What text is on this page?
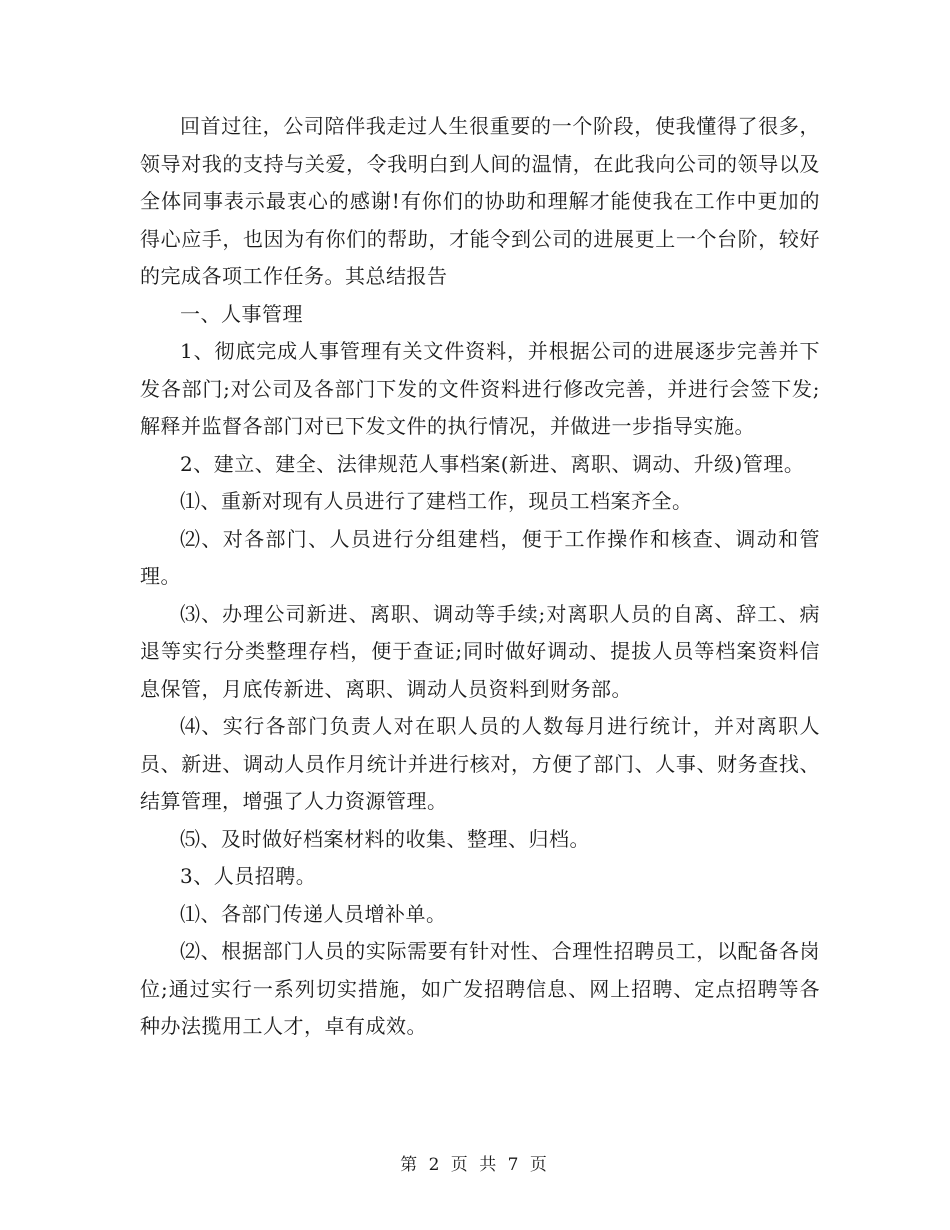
回首过往，公司陪伴我走过人生很重要的一个阶段，使我懂得了很多，领导对我的支持与关爱，令我明白到人间的温情，在此我向公司的领导以及全体同事表示最衷心的感谢!有你们的协助和理解才能使我在工作中更加的得心应手，也因为有你们的帮助，才能令到公司的进展更上一个台阶，较好的完成各项工作任务。其总结报告

一、人事管理

1、彻底完成人事管理有关文件资料，并根据公司的进展逐步完善并下发各部门;对公司及各部门下发的文件资料进行修改完善，并进行会签下发;解释并监督各部门对已下发文件的执行情况，并做进一步指导实施。

2、建立、建全、法律规范人事档案(新进、离职、调动、升级)管理。

⑴、重新对现有人员进行了建档工作，现员工档案齐全。

⑵、对各部门、人员进行分组建档，便于工作操作和核查、调动和管理。

⑶、办理公司新进、离职、调动等手续;对离职人员的自离、辞工、病退等实行分类整理存档，便于查证;同时做好调动、提拔人员等档案资料信息保管，月底传新进、离职、调动人员资料到财务部。

⑷、实行各部门负责人对在职人员的人数每月进行统计，并对离职人员、新进、调动人员作月统计并进行核对，方便了部门、人事、财务查找、结算管理，增强了人力资源管理。

⑸、及时做好档案材料的收集、整理、归档。

3、人员招聘。

⑴、各部门传递人员增补单。

⑵、根据部门人员的实际需要有针对性、合理性招聘员工，以配备各岗位;通过实行一系列切实措施，如广发招聘信息、网上招聘、定点招聘等各种办法揽用工人才，卓有成效。

第 2 页 共 7 页
